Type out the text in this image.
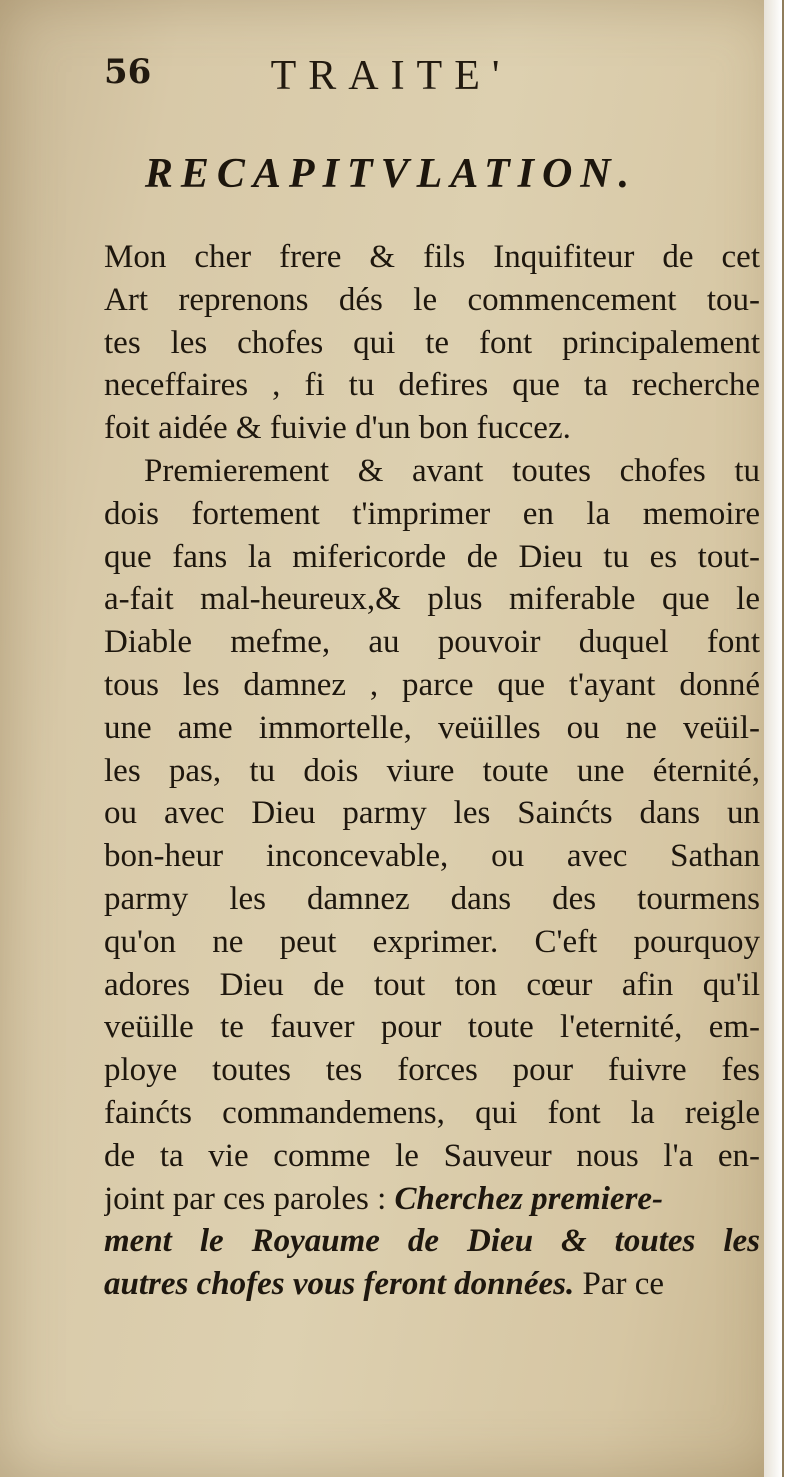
56	TRAITE'
RECAPITVLATION.
Mon cher frere & fils Inquifiteur de cet
Art reprenons dés le commencement tou-
tes les chofes qui te font principalement
neceffaires , fi tu defires que ta recherche
foit aidée & fuivie d'un bon fuccez.
Premierement & avant toutes chofes tu
dois fortement t'imprimer en la memoire
que fans la mifericorde de Dieu tu es tout-
a-fait mal-heureux,& plus miferable que le
Diable mefme, au pouvoir duquel font
tous les damnez , parce que t'ayant donné
une ame immortelle, veüilles ou ne veüil-
les pas, tu dois viure toute une éternité,
ou avec Dieu parmy les Sainćts dans un
bon-heur inconcevable, ou avec Sathan
parmy les damnez dans des tourmens
qu'on ne peut exprimer. C'eft pourquoy
adores Dieu de tout ton cœur afin qu'il
veüille te fauver pour toute l'eternité, em-
ploye toutes tes forces pour fuivre fes
fainćts commandemens, qui font la reigle
de ta vie comme le Sauveur nous l'a en-
joint par ces paroles : Cherchez premiere-
ment le Royaume de Dieu & toutes les
autres chofes vous feront données. Par ce
